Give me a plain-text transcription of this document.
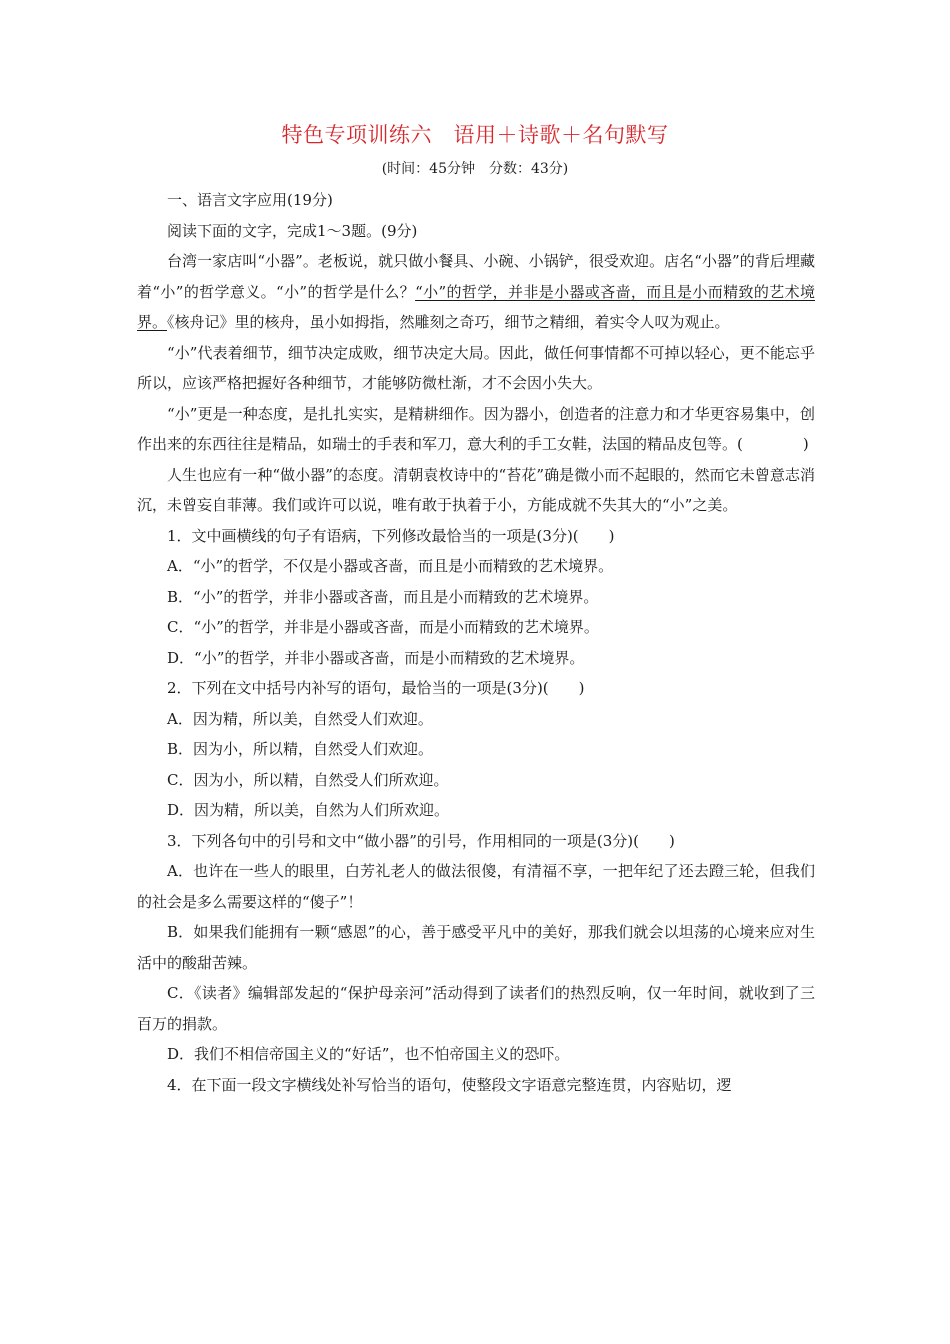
特色专项训练六　语用＋诗歌＋名句默写
(时间：45分钟　分数：43分)

一、语言文字应用(19分)

阅读下面的文字，完成1～3题。(9分)

台湾一家店叫“小器”。老板说，就只做小餐具、小碗、小锅铲，很受欢迎。店名“小器”的背后埋藏着“小”的哲学意义。“小”的哲学是什么？“小”的哲学，并非是小器或吝啬，而且是小而精致的艺术境界。《核舟记》里的核舟，虽小如拇指，然雕刻之奇巧，细节之精细，着实令人叹为观止。

“小”代表着细节，细节决定成败，细节决定大局。因此，做任何事情都不可掉以轻心，更不能忘乎所以，应该严格把握好各种细节，才能够防微杜渐，才不会因小失大。

“小”更是一种态度，是扎扎实实，是精耕细作。因为器小，创造者的注意力和才华更容易集中，创作出来的东西往往是精品，如瑞士的手表和军刀，意大利的手工女鞋，法国的精品皮包等。(　　　　)

人生也应有一种“做小器”的态度。清朝袁枚诗中的“苔花”确是微小而不起眼的，然而它未曾意志消沉，未曾妄自菲薄。我们或许可以说，唯有敢于执着于小，方能成就不失其大的“小”之美。

1．文中画横线的句子有语病，下列修改最恰当的一项是(3分)(　　)

A．“小”的哲学，不仅是小器或吝啬，而且是小而精致的艺术境界。

B．“小”的哲学，并非小器或吝啬，而且是小而精致的艺术境界。

C．“小”的哲学，并非是小器或吝啬，而是小而精致的艺术境界。

D．“小”的哲学，并非小器或吝啬，而是小而精致的艺术境界。

2．下列在文中括号内补写的语句，最恰当的一项是(3分)(　　)

A．因为精，所以美，自然受人们欢迎。

B．因为小，所以精，自然受人们欢迎。

C．因为小，所以精，自然受人们所欢迎。

D．因为精，所以美，自然为人们所欢迎。

3．下列各句中的引号和文中“做小器”的引号，作用相同的一项是(3分)(　　)

A．也许在一些人的眼里，白芳礼老人的做法很傻，有清福不享，一把年纪了还去蹬三轮，但我们的社会是多么需要这样的“傻子”！

B．如果我们能拥有一颗“感恩”的心，善于感受平凡中的美好，那我们就会以坦荡的心境来应对生活中的酸甜苦辣。

C．《读者》编辑部发起的“保护母亲河”活动得到了读者们的热烈反响，仅一年时间，就收到了三百万的捐款。

D．我们不相信帝国主义的“好话”，也不怕帝国主义的恐吓。

4．在下面一段文字横线处补写恰当的语句，使整段文字语意完整连贯，内容贴切，逻
